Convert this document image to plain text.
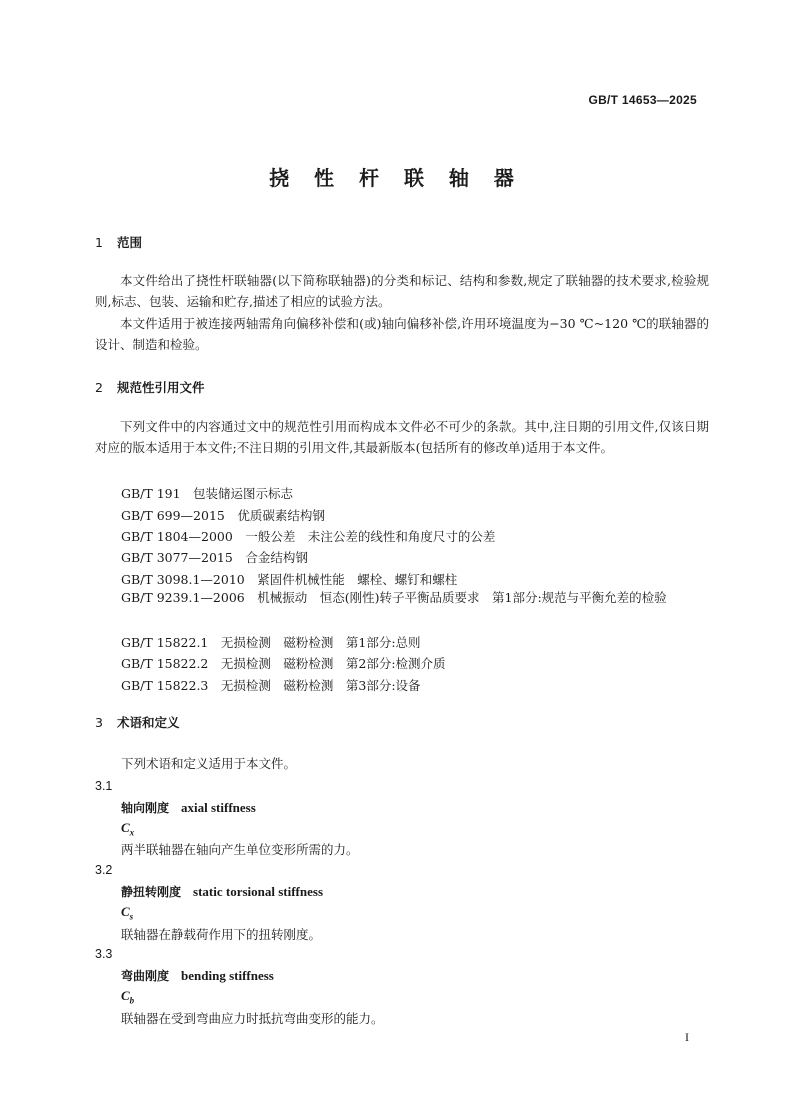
GB/T 14653—2025
挠 性 杆 联 轴 器
1 范围
本文件给出了挠性杆联轴器(以下简称联轴器)的分类和标记、结构和参数,规定了联轴器的技术要求,检验规则,标志、包装、运输和贮存,描述了相应的试验方法。
本文件适用于被连接两轴需角向偏移补偿和(或)轴向偏移补偿,许用环境温度为−30 ℃~120 ℃的联轴器的设计、制造和检验。
2 规范性引用文件
下列文件中的内容通过文中的规范性引用而构成本文件必不可少的条款。其中,注日期的引用文件,仅该日期对应的版本适用于本文件;不注日期的引用文件,其最新版本(包括所有的修改单)适用于本文件。
GB/T 191　包装储运图示标志
GB/T 699—2015　优质碳素结构钢
GB/T 1804—2000　一般公差　未注公差的线性和角度尺寸的公差
GB/T 3077—2015　合金结构钢
GB/T 3098.1—2010　紧固件机械性能　螺栓、螺钉和螺柱
GB/T 9239.1—2006　机械振动　恒态(刚性)转子平衡品质要求　第1部分:规范与平衡允差的检验
GB/T 15822.1　无损检测　磁粉检测　第1部分:总则
GB/T 15822.2　无损检测　磁粉检测　第2部分:检测介质
GB/T 15822.3　无损检测　磁粉检测　第3部分:设备
3 术语和定义
下列术语和定义适用于本文件。
3.1
轴向刚度 axial stiffness
$C_x$
两半联轴器在轴向产生单位变形所需的力。
3.2
静扭转刚度 static torsional stiffness
$C_s$
联轴器在静载荷作用下的扭转刚度。
3.3
弯曲刚度 bending stiffness
$C_b$
联轴器在受到弯曲应力时抵抗弯曲变形的能力。
I
